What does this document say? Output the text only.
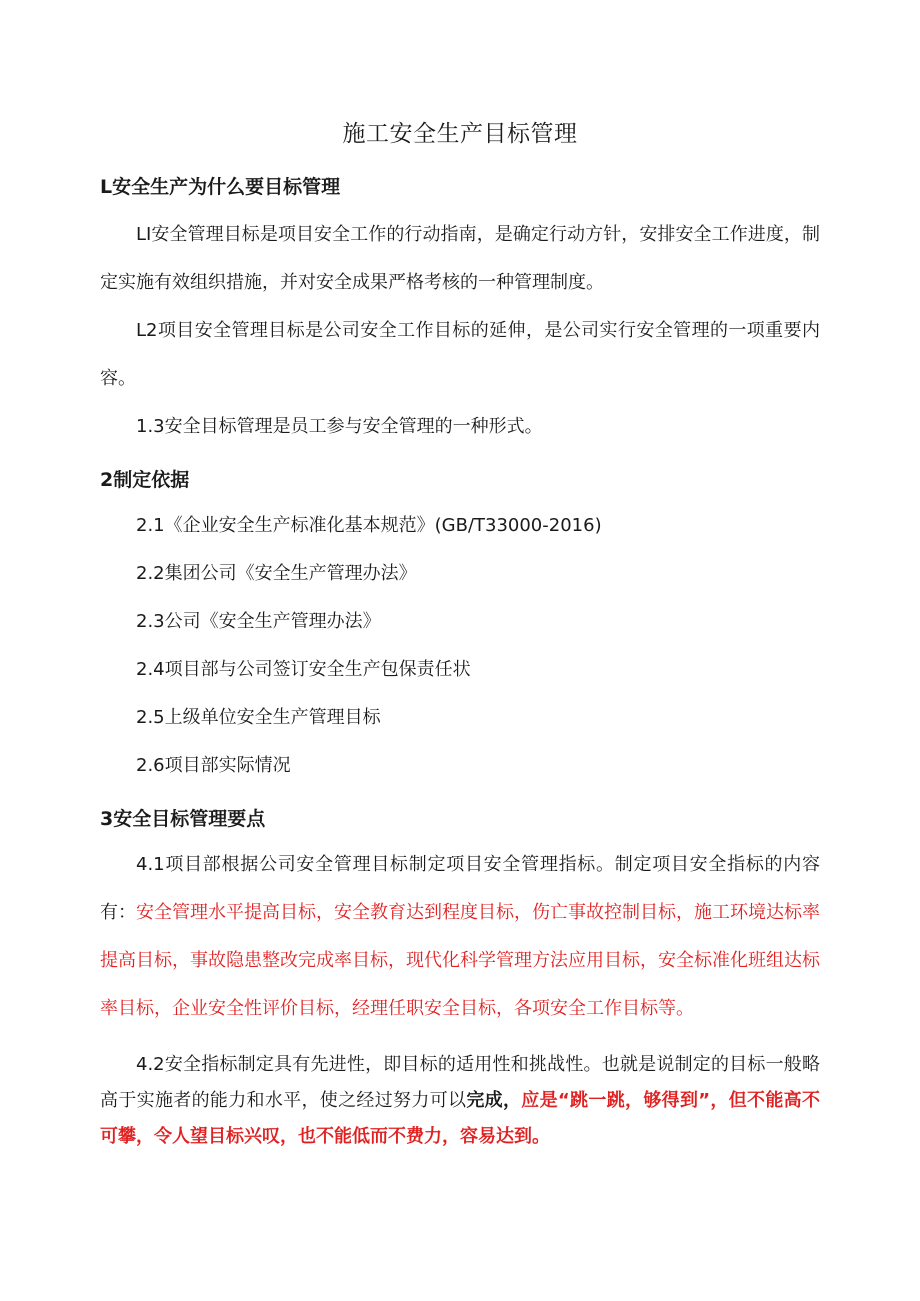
施工安全生产目标管理
L安全生产为什么要目标管理

LI安全管理目标是项目安全工作的行动指南，是确定行动方针，安排安全工作进度，制定实施有效组织措施，并对安全成果严格考核的一种管理制度。

L2项目安全管理目标是公司安全工作目标的延伸，是公司实行安全管理的一项重要内容。

1.3安全目标管理是员工参与安全管理的一种形式。

2制定依据

2.1《企业安全生产标准化基本规范》(GB/T33000-2016)

2.2集团公司《安全生产管理办法》

2.3公司《安全生产管理办法》

2.4项目部与公司签订安全生产包保责任状

2.5上级单位安全生产管理目标

2.6项目部实际情况

3安全目标管理要点

4.1项目部根据公司安全管理目标制定项目安全管理指标。制定项目安全指标的内容有：安全管理水平提高目标，安全教育达到程度目标，伤亡事故控制目标，施工环境达标率提高目标，事故隐患整改完成率目标，现代化科学管理方法应用目标，安全标准化班组达标率目标，企业安全性评价目标，经理任职安全目标，各项安全工作目标等。

4.2安全指标制定具有先进性，即目标的适用性和挑战性。也就是说制定的目标一般略高于实施者的能力和水平，使之经过努力可以完成，应是“跳一跳，够得到”，但不能高不可攀，令人望目标兴叹，也不能低而不费力，容易达到。
